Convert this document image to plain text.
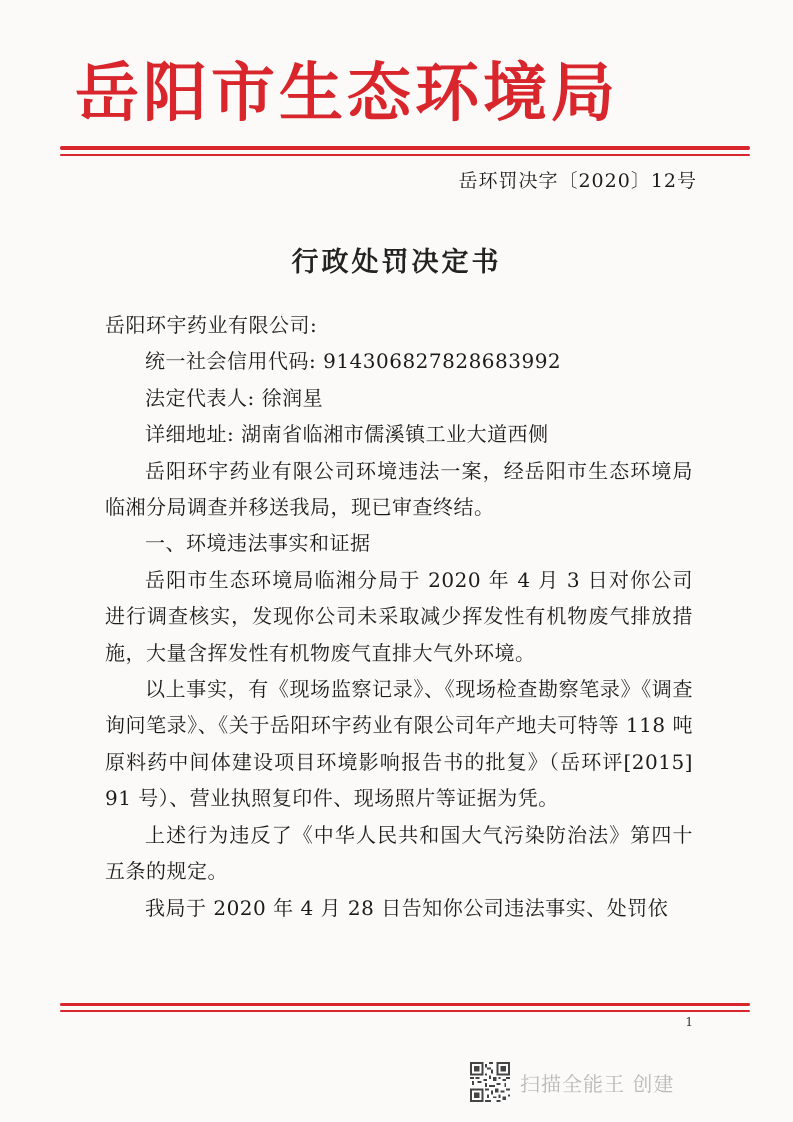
岳阳市生态环境局
岳环罚决字〔2020〕12号
行政处罚决定书

岳阳环宇药业有限公司:

统一社会信用代码: 914306827828683992

法定代表人: 徐润星

详细地址: 湖南省临湘市儒溪镇工业大道西侧

岳阳环宇药业有限公司环境违法一案，经岳阳市生态环境局临湘分局调查并移送我局，现已审查终结。

一、环境违法事实和证据

岳阳市生态环境局临湘分局于 2020 年 4 月 3 日对你公司进行调查核实，发现你公司未采取减少挥发性有机物废气排放措施，大量含挥发性有机物废气直排大气外环境。

以上事实，有《现场监察记录》、《现场检查勘察笔录》《调查询问笔录》、《关于岳阳环宇药业有限公司年产地夫可特等 118 吨原料药中间体建设项目环境影响报告书的批复》（岳环评[2015] 91 号）、营业执照复印件、现场照片等证据为凭。

上述行为违反了《中华人民共和国大气污染防治法》第四十五条的规定。

我局于 2020 年 4 月 28 日告知你公司违法事实、处罚依

1
扫描全能王 创建
